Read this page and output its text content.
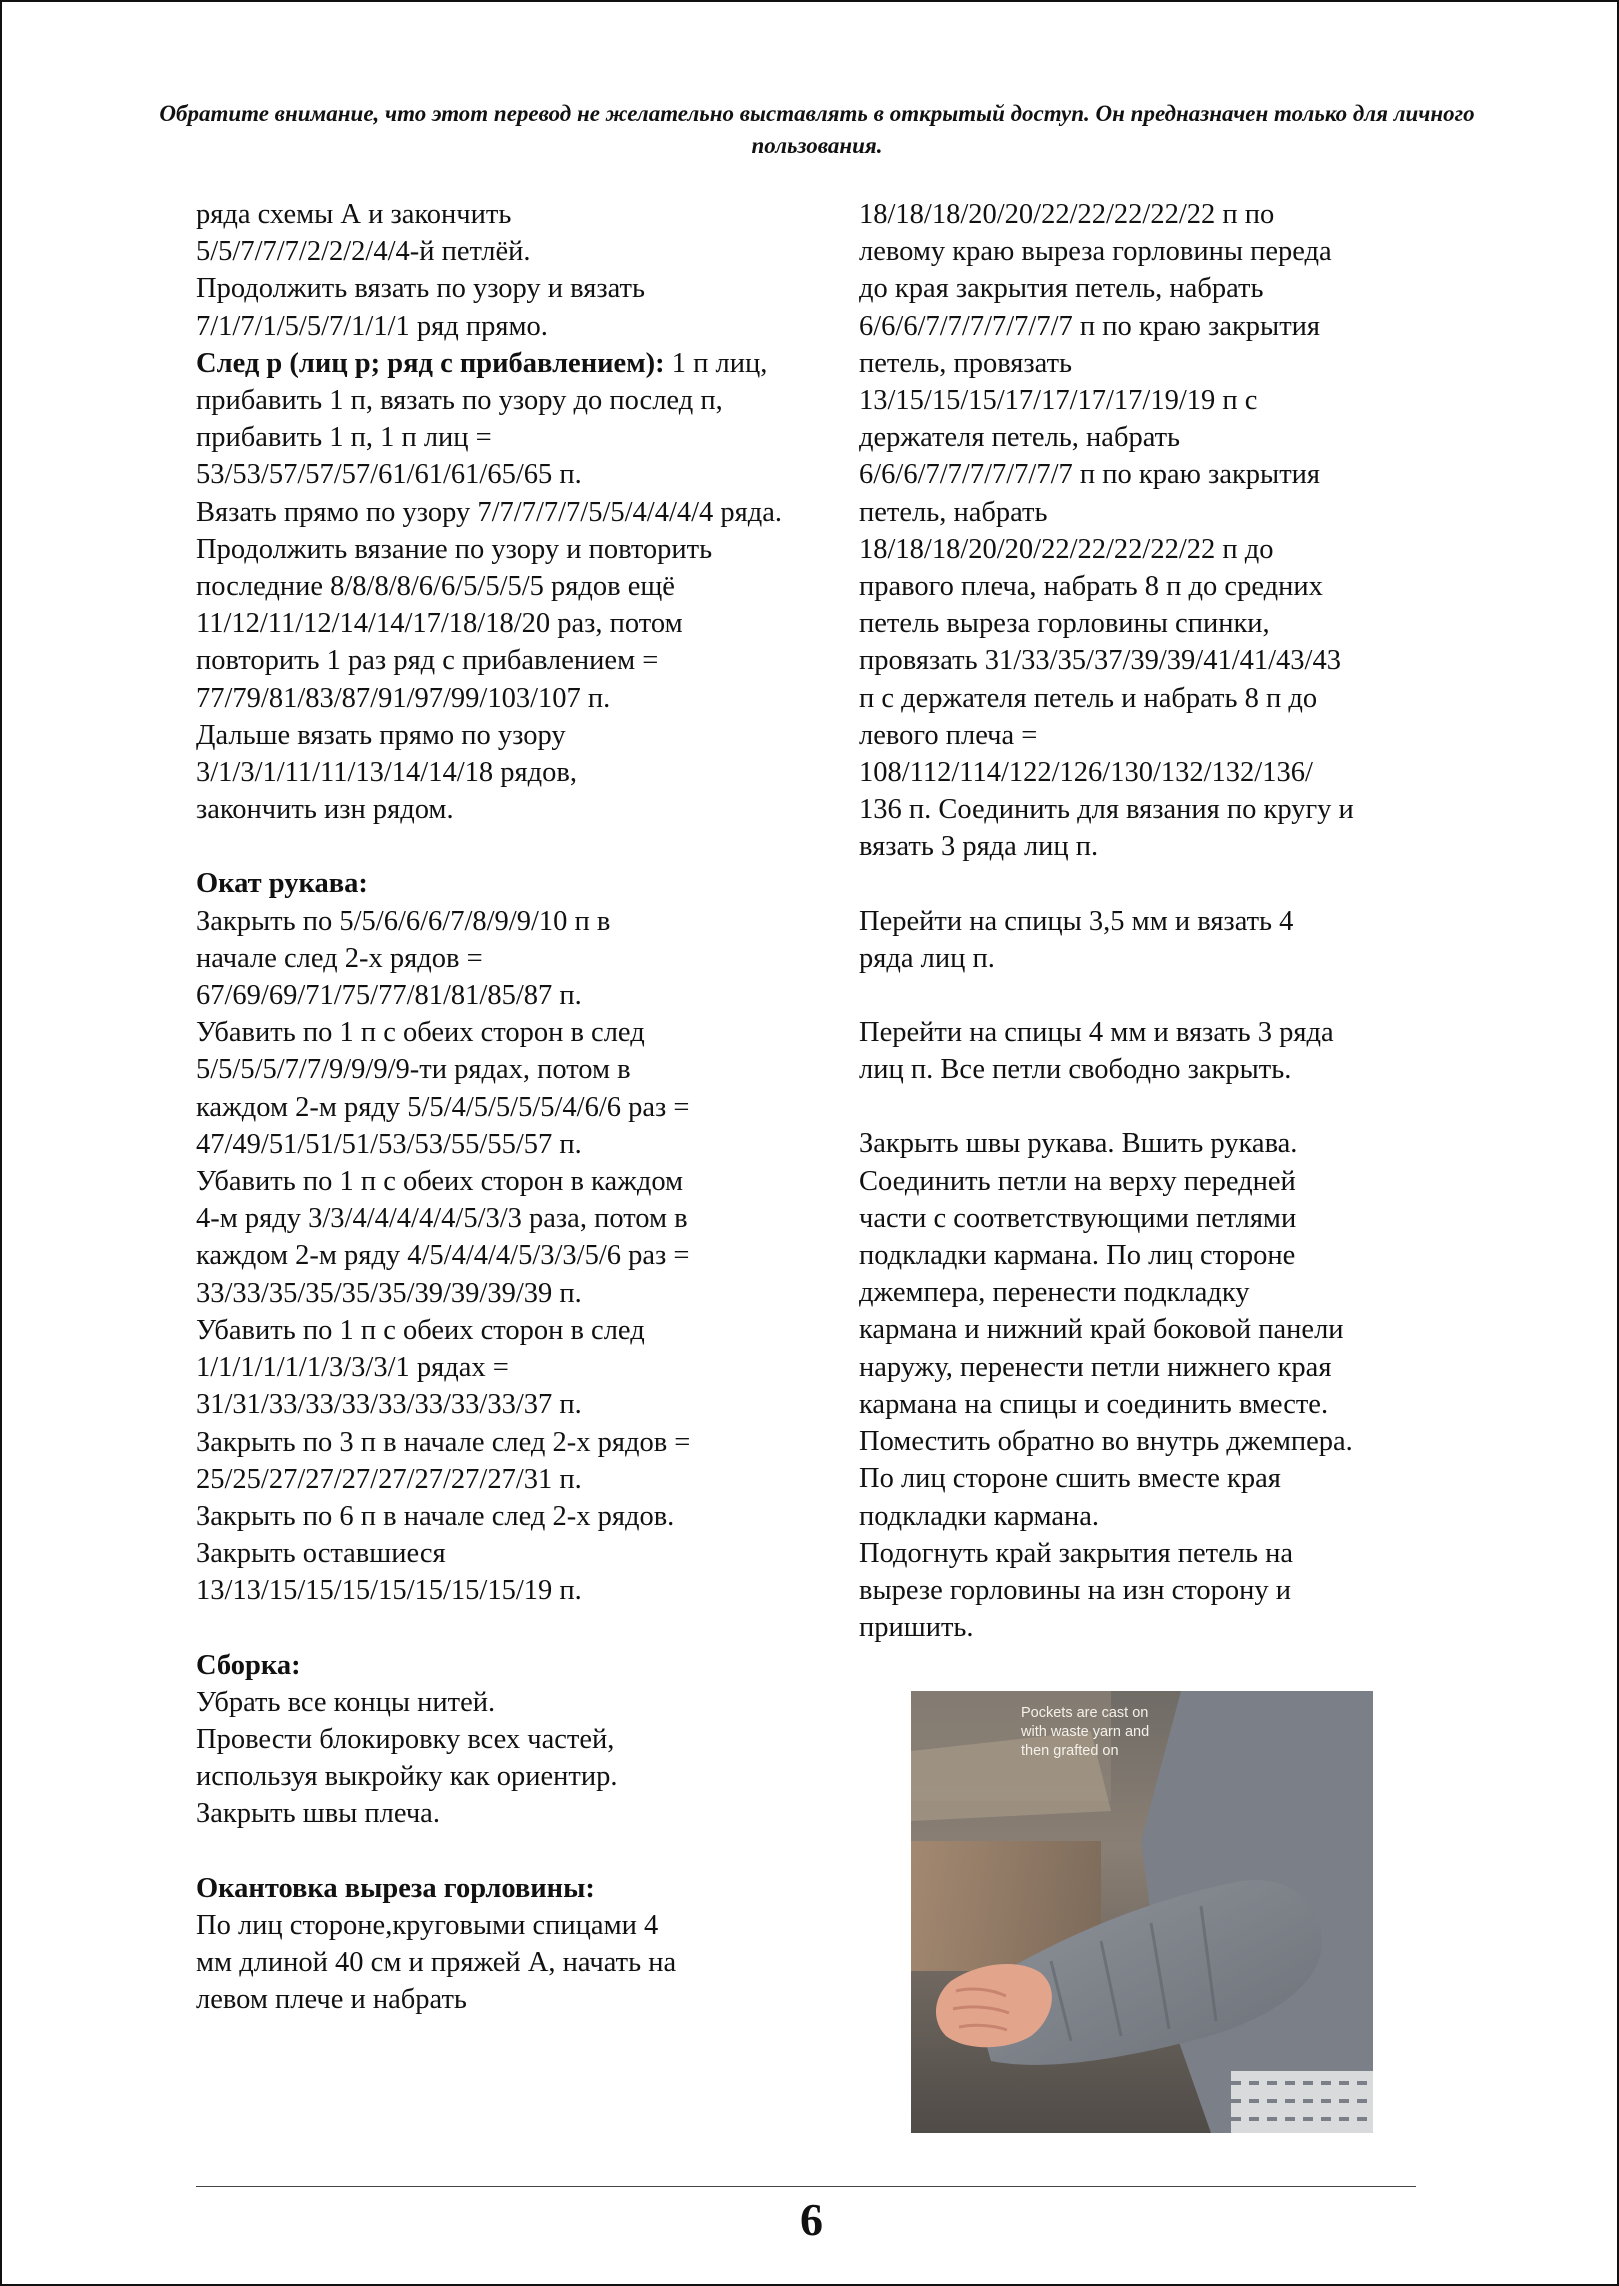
Обратите внимание, что этот перевод не желательно выставлять в открытый доступ. Он предназначен только для личного пользования.

ряда схемы А и закончить
5/5/7/7/7/2/2/2/4/4-й петлёй.
Продолжить вязать по узору и вязать
7/1/7/1/5/5/7/1/1/1 ряд прямо.

След р (лиц р; ряд с прибавлением): 1 п лиц, прибавить 1 п, вязать по узору до послед п, прибавить 1 п, 1 п лиц =
53/53/57/57/57/61/61/61/65/65 п.
Вязать прямо по узору 7/7/7/7/7/5/5/4/4/4/4 ряда.
Продолжить вязание по узору и повторить последние 8/8/8/8/6/6/5/5/5/5 рядов ещё 11/12/11/12/14/14/17/18/18/20 раз, потом повторить 1 раз ряд с прибавлением =
77/79/81/83/87/91/97/99/103/107 п.
Дальше вязать прямо по узору
3/1/3/1/11/11/13/14/14/18 рядов,
закончить изн рядом.

Окат рукава:

Закрыть по 5/5/6/6/6/7/8/9/9/10 п в
начале след 2-х рядов =
67/69/69/71/75/77/81/81/85/87 п.
Убавить по 1 п с обеих сторон в след
5/5/5/5/7/7/9/9/9/9-ти рядах, потом в
каждом 2-м ряду 5/5/4/5/5/5/5/4/6/6 раз =
47/49/51/51/51/53/53/55/55/57 п.
Убавить по 1 п с обеих сторон в каждом
4-м ряду 3/3/4/4/4/4/4/5/3/3 раза, потом в
каждом 2-м ряду 4/5/4/4/4/5/3/3/5/6 раз =
33/33/35/35/35/35/39/39/39/39 п.
Убавить по 1 п с обеих сторон в след
1/1/1/1/1/1/3/3/3/1 рядах =
31/31/33/33/33/33/33/33/33/37 п.
Закрыть по 3 п в начале след 2-х рядов =
25/25/27/27/27/27/27/27/27/31 п.
Закрыть по 6 п в начале след 2-х рядов.
Закрыть оставшиеся
13/13/15/15/15/15/15/15/15/19 п.

Сборка:

Убрать все концы нитей.
Провести блокировку всех частей,
используя выкройку как ориентир.
Закрыть швы плеча.

Окантовка выреза горловины:

По лиц стороне,круговыми спицами 4
мм длиной 40 см и пряжей А, начать на
левом плече и набрать

18/18/18/20/20/22/22/22/22/22 п по
левому краю выреза горловины переда
до края закрытия петель, набрать
6/6/6/7/7/7/7/7/7/7 п по краю закрытия
петель, провязать
13/15/15/15/17/17/17/17/19/19 п с
держателя петель, набрать
6/6/6/7/7/7/7/7/7/7 п по краю закрытия
петель, набрать
18/18/18/20/20/22/22/22/22/22 п до
правого плеча, набрать 8 п до средних
петель выреза горловины спинки,
провязать 31/33/35/37/39/39/41/41/43/43
п с держателя петель и набрать 8 п до
левого плеча =
108/112/114/122/126/130/132/132/136/
136 п. Соединить для вязания по кругу и
вязать 3 ряда лиц п.

Перейти на спицы 3,5 мм и вязать 4
ряда лиц п.

Перейти на спицы 4 мм и вязать 3 ряда
лиц п. Все петли свободно закрыть.

Закрыть швы рукава. Вшить рукава.
Соединить петли на верху передней
части с соответствующими петлями
подкладки кармана. По лиц стороне
джемпера, перенести подкладку
кармана и нижний край боковой панели
наружу, перенести петли нижнего края
кармана на спицы и соединить вместе.
Поместить обратно во внутрь джемпера.
По лиц стороне сшить вместе края
подкладки кармана.
Подогнуть край закрытия петель на
вырезе горловины на изн сторону и
пришить.

Pockets are cast on
with waste yarn and
then grafted on
6
